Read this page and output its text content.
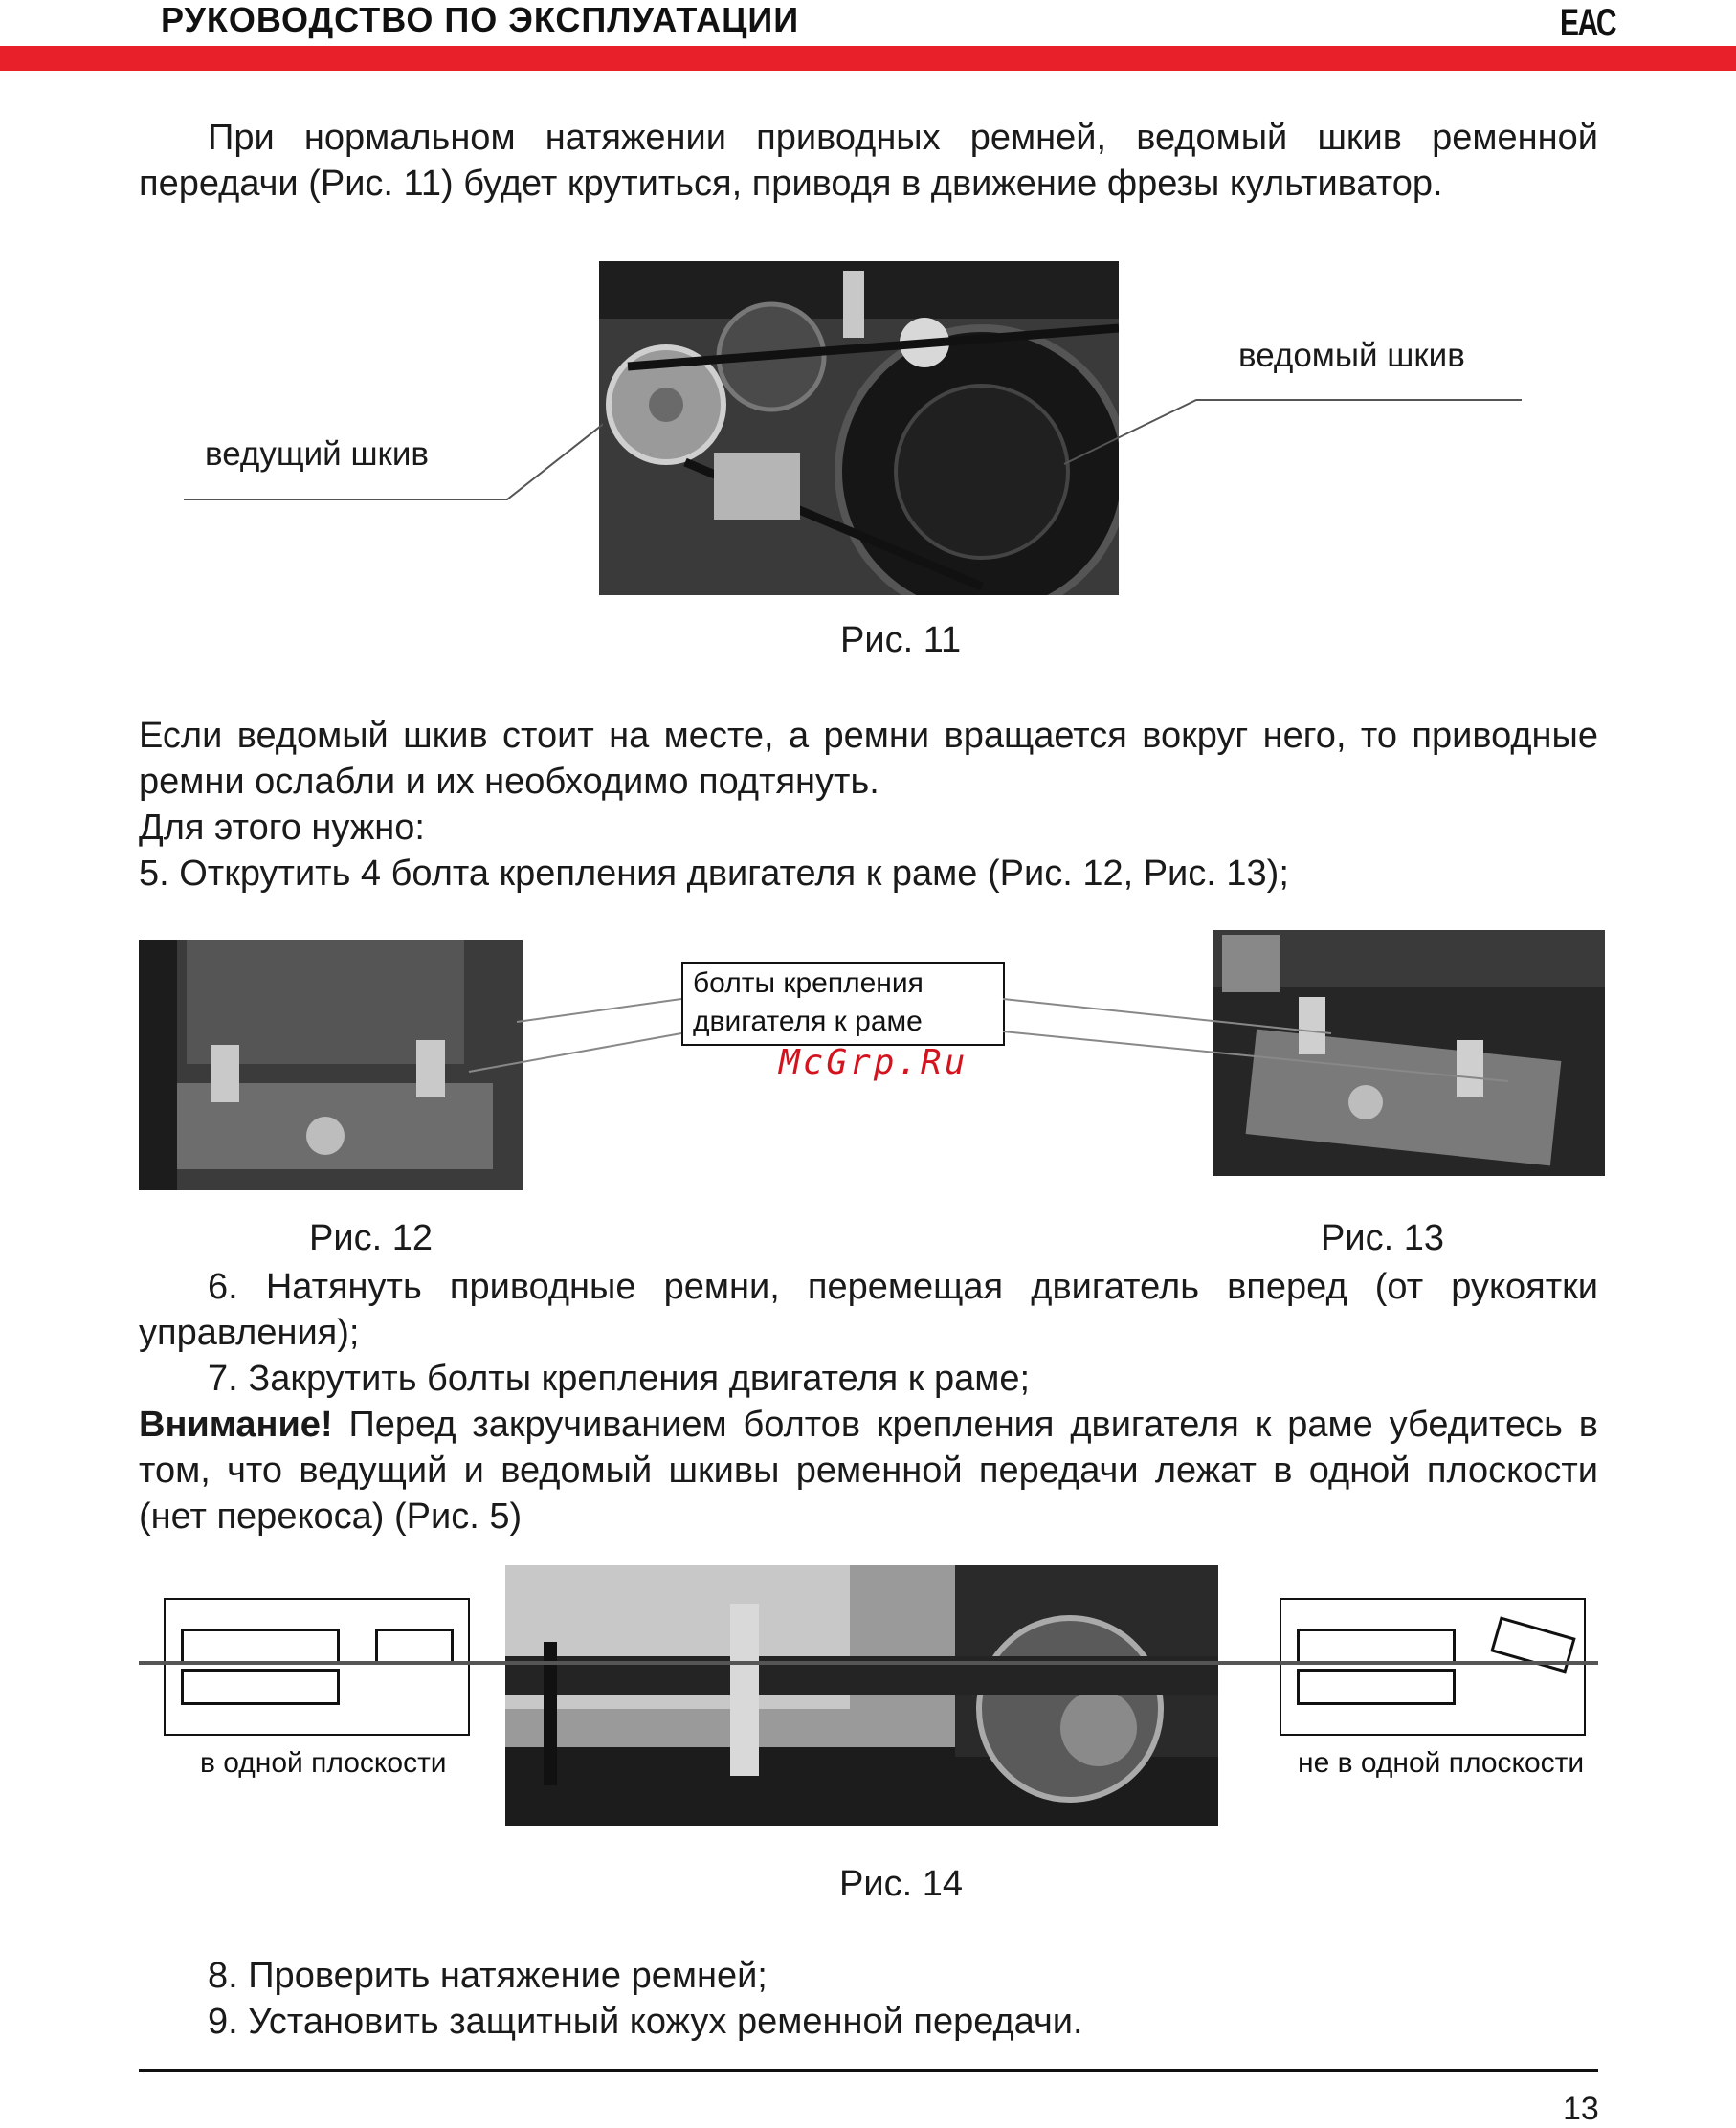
РУКОВОДСТВО ПО ЭКСПЛУАТАЦИИ	ЕАС
При нормальном натяжении приводных ремней, ведомый шкив ременной передачи (Рис. 11) будет крутиться, приводя в движение фрезы культиватор.
ведущий шкив
ведомый шкив
Рис. 11
Если ведомый шкив стоит на месте, а ремни вращается вокруг него, то приводные ремни ослабли и их необходимо подтянуть.
Для этого нужно:
5. Открутить 4 болта крепления двигателя к раме (Рис. 12, Рис. 13);
болты крепления
двигателя к раме
McGrp.Ru
Рис. 12	Рис. 13
6. Натянуть приводные ремни, перемещая двигатель вперед (от рукоятки управления);
7. Закрутить болты крепления двигателя к раме;
Внимание! Перед закручиванием болтов крепления двигателя к раме убедитесь в том, что ведущий и ведомый шкивы ременной передачи лежат в одной плоскости (нет перекоса) (Рис. 5)
в одной плоскости	не в одной плоскости
Рис. 14
8. Проверить натяжение ремней;
9. Установить защитный кожух ременной передачи.
13
